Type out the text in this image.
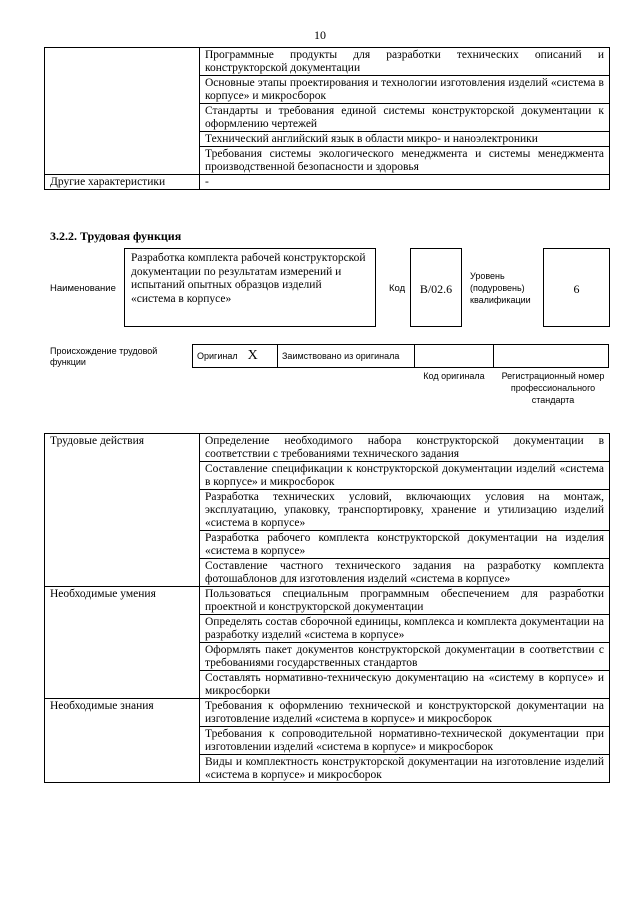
10
	Программные продукты для разработки технических описаний и конструкторской документации
	Основные этапы проектирования и технологии изготовления изделий «система в корпусе» и микросборок
	Стандарты и требования единой системы конструкторской документации к оформлению чертежей
	Технический английский язык в области микро- и наноэлектроники
	Требования системы экологического менеджмента и системы менеджмента производственной безопасности и здоровья
Другие характеристики	-
3.2.2. Трудовая функция
Наименование
Разработка комплекта рабочей конструкторской документации по результатам измерений и испытаний опытных образцов изделий «система в корпусе»
Код	B/02.6
Уровень (подуровень) квалификации
6
Происхождение трудовой функции
Оригинал X	Заимствовано из оригинала		
Код оригинала	Регистрационный номер профессионального стандарта
Трудовые действия	Определение необходимого набора конструкторской документации в соответствии с требованиями технического задания
	Составление спецификации к конструкторской документации изделий «система в корпусе» и микросборок
	Разработка технических условий, включающих условия на монтаж, эксплуатацию, упаковку, транспортировку, хранение и утилизацию изделий «система в корпусе»
	Разработка рабочего комплекта конструкторской документации на изделия «система в корпусе»
	Составление частного технического задания на разработку комплекта фотошаблонов для изготовления изделий «система в корпусе»
Необходимые умения	Пользоваться специальным программным обеспечением для разработки проектной и конструкторской документации
	Определять состав сборочной единицы, комплекса и комплекта документации на разработку изделий «система в корпусе»
	Оформлять пакет документов конструкторской документации в соответствии с требованиями государственных стандартов
	Составлять нормативно-техническую документацию на «систему в корпусе» и микросборки
Необходимые знания	Требования к оформлению технической и конструкторской документации на изготовление изделий «система в корпусе» и микросборок
	Требования к сопроводительной нормативно-технической документации при изготовлении изделий «система в корпусе» и микросборок
	Виды и комплектность конструкторской документации на изготовление изделий «система в корпусе» и микросборок
